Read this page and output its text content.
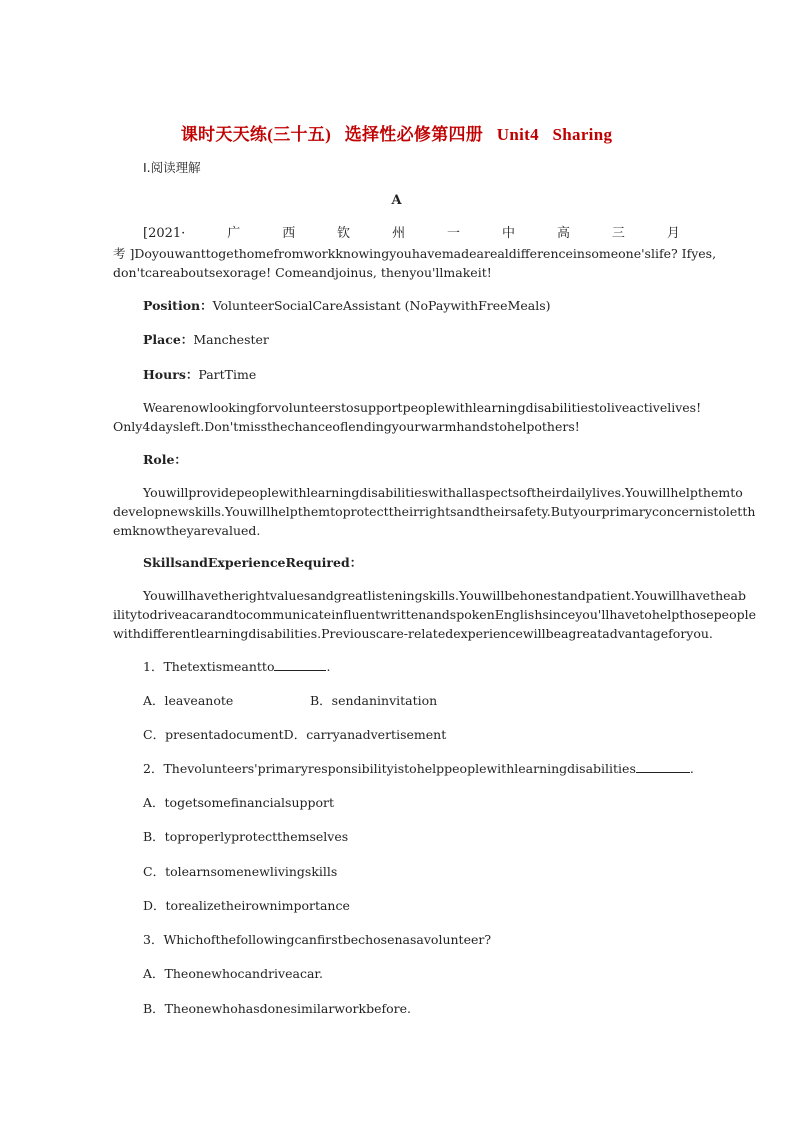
课时天天练(三十五)   选择性必修第四册   Unit4   Sharing
Ⅰ.阅读理解
A
[2021·	广	西	钦	州	一	中	高	三	月
考 ]Doyouwanttogethomefromworkknowingyouhavemadearealdifferenceinsomeone'slife? Ifyes,
don'tcareaboutsexorage! Comeandjoinus, thenyou'llmakeit!
Position：VolunteerSocialCareAssistant (NoPaywithFreeMeals)
Place：Manchester
Hours：PartTime
Wearenowlookingforvolunteerstosupportpeoplewithlearningdisabilitiestoliveactivelives!
Only4daysleft.Don'tmissthechanceoflendingyourwarmhandstohelpothers!
Role：
Youwillprovidepeoplewithlearningdisabilitieswithallaspectsoftheirdailylives.Youwillhelpthemto
developnewskills.Youwillhelpthemtoprotecttheirrightsandtheirsafety.Butyourprimaryconcernistoletth
emknowtheyarevalued.
SkillsandExperienceRequired：
Youwillhavetherightvaluesandgreatlisteningskills.Youwillbehonestandpatient.Youwillhavetheab
ilitytodriveacarandtocommunicateinfluentwrittenandspokenEnglishsinceyou'llhavetohelpthosepeople
withdifferentlearningdisabilities.Previouscare-relatedexperiencewillbeagreatadvantageforyou.
1．Thetextismeantto	.
A．leaveanote	B．sendaninvitation
C．presentadocumentD．carryanadvertisement
2．Thevolunteers'primaryresponsibilityistohelppeoplewithlearningdisabilities	.
A．togetsomefinancialsupport
B．toproperlyprotectthemselves
C．tolearnsomenewlivingskills
D．torealizetheirownimportance
3．Whichofthefollowingcanfirstbechosenasavolunteer?
A．Theonewhocandriveacar.
B．Theonewhohasdonesimilarworkbefore.
